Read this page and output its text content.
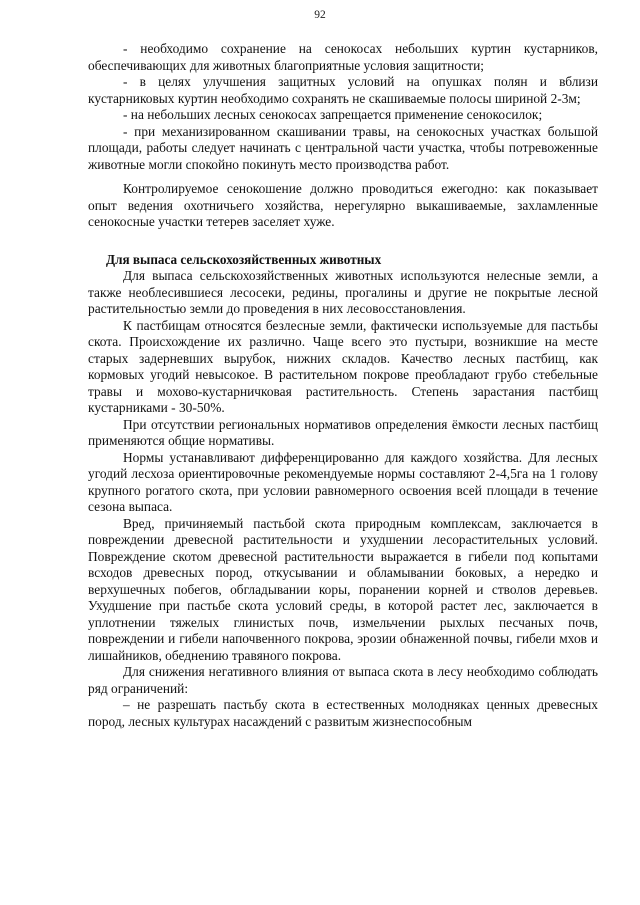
92

- необходимо сохранение на сенокосах небольших куртин кустарников, обеспечивающих для животных благоприятные условия защитности;

- в целях улучшения защитных условий на опушках полян и вблизи кустарниковых куртин необходимо сохранять не скашиваемые полосы шириной 2-3м;

- на небольших лесных сенокосах запрещается применение сенокосилок;

- при механизированном скашивании травы, на сенокосных участках большой площади, работы следует начинать с центральной части участка, чтобы потревоженные животные могли спокойно покинуть место производства работ.

Контролируемое сенокошение должно проводиться ежегодно: как показывает опыт ведения охотничьего хозяйства, нерегулярно выкашиваемые, захламленные сенокосные участки тетерев заселяет хуже.

Для выпаса сельскохозяйственных животных

Для выпаса сельскохозяйственных животных используются нелесные земли, а также необлесившиеся лесосеки, редины, прогалины и другие не покрытые лесной растительностью земли до проведения в них лесовосстановления.

К пастбищам относятся безлесные земли, фактически используемые для пастьбы скота. Происхождение их различно. Чаще всего это пустыри, возникшие на месте старых задерневших вырубок, нижних складов. Качество лесных пастбищ, как кормовых угодий невысокое. В растительном покрове преобладают грубо стебельные травы и мохово-кустарничковая растительность. Степень зарастания пастбищ кустарниками - 30-50%.

При отсутствии региональных нормативов определения ёмкости лесных пастбищ применяются общие нормативы.

Нормы устанавливают дифференцированно для каждого хозяйства. Для лесных угодий лесхоза ориентировочные рекомендуемые нормы составляют 2-4,5га на 1 голову крупного рогатого скота, при условии равномерного освоения всей площади в течение сезона выпаса.

Вред, причиняемый пастьбой скота природным комплексам, заключается в повреждении древесной растительности и ухудшении лесорастительных условий. Повреждение скотом древесной растительности выражается в гибели под копытами всходов древесных пород, откусывании и обламывании боковых, а нередко и верхушечных побегов, обгладывании коры, поранении корней и стволов деревьев. Ухудшение при пастьбе скота условий среды, в которой растет лес, заключается в уплотнении тяжелых глинистых почв, измельчении рыхлых песчаных почв, повреждении и гибели напочвенного покрова, эрозии обнаженной почвы, гибели мхов и лишайников, обеднению травяного покрова.

Для снижения негативного влияния от выпаса скота в лесу необходимо соблюдать ряд ограничений:

– не разрешать пастьбу скота в естественных молодняках ценных древесных пород, лесных культурах насаждений с развитым жизнеспособным
